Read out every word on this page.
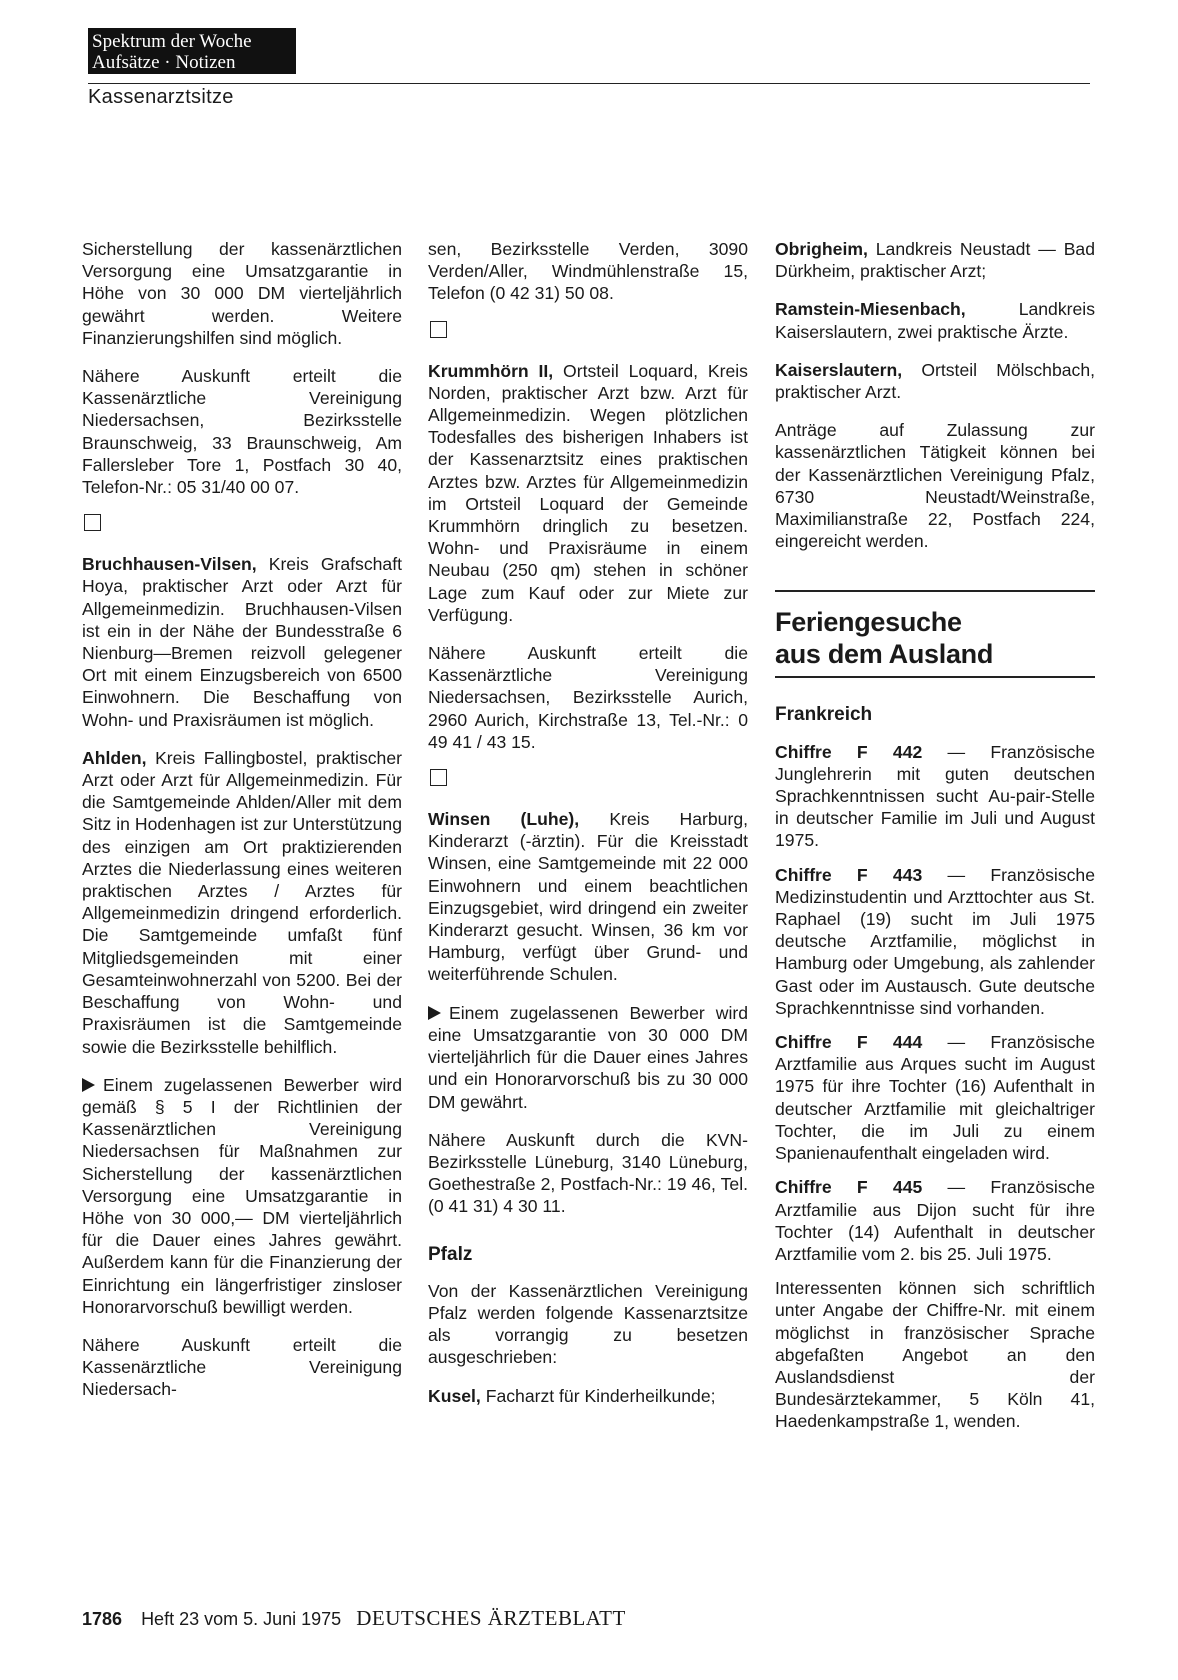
Spektrum der Woche
Aufsätze · Notizen
Kassenarztsitze

Sicherstellung der kassenärztlichen Versorgung eine Umsatzgarantie in Höhe von 30 000 DM vierteljährlich gewährt werden. Weitere Finanzierungshilfen sind möglich.

Nähere Auskunft erteilt die Kassenärztliche Vereinigung Niedersachsen, Bezirksstelle Braunschweig, 33 Braunschweig, Am Fallersleber Tore 1, Postfach 30 40, Telefon-Nr.: 05 31/40 00 07.

Bruchhausen-Vilsen, Kreis Grafschaft Hoya, praktischer Arzt oder Arzt für Allgemeinmedizin. Bruchhausen-Vilsen ist ein in der Nähe der Bundesstraße 6 Nienburg—Bremen reizvoll gelegener Ort mit einem Einzugsbereich von 6500 Einwohnern. Die Beschaffung von Wohn- und Praxisräumen ist möglich.

Ahlden, Kreis Fallingbostel, praktischer Arzt oder Arzt für Allgemeinmedizin. Für die Samtgemeinde Ahlden/Aller mit dem Sitz in Hodenhagen ist zur Unterstützung des einzigen am Ort praktizierenden Arztes die Niederlassung eines weiteren praktischen Arztes / Arztes für Allgemeinmedizin dringend erforderlich. Die Samtgemeinde umfaßt fünf Mitgliedsgemeinden mit einer Gesamteinwohnerzahl von 5200. Bei der Beschaffung von Wohn- und Praxisräumen ist die Samtgemeinde sowie die Bezirksstelle behilflich.

Einem zugelassenen Bewerber wird gemäß § 5 I der Richtlinien der Kassenärztlichen Vereinigung Niedersachsen für Maßnahmen zur Sicherstellung der kassenärztlichen Versorgung eine Umsatzgarantie in Höhe von 30 000,— DM vierteljährlich für die Dauer eines Jahres gewährt. Außerdem kann für die Finanzierung der Einrichtung ein längerfristiger zinsloser Honorarvorschuß bewilligt werden.

Nähere Auskunft erteilt die Kassenärztliche Vereinigung Niedersach-

sen, Bezirksstelle Verden, 3090 Verden/Aller, Windmühlenstraße 15, Telefon (0 42 31) 50 08.

Krummhörn II, Ortsteil Loquard, Kreis Norden, praktischer Arzt bzw. Arzt für Allgemeinmedizin. Wegen plötzlichen Todesfalles des bisherigen Inhabers ist der Kassenarztsitz eines praktischen Arztes bzw. Arztes für Allgemeinmedizin im Ortsteil Loquard der Gemeinde Krummhörn dringlich zu besetzen. Wohn- und Praxisräume in einem Neubau (250 qm) stehen in schöner Lage zum Kauf oder zur Miete zur Verfügung.

Nähere Auskunft erteilt die Kassenärztliche Vereinigung Niedersachsen, Bezirksstelle Aurich, 2960 Aurich, Kirchstraße 13, Tel.-Nr.: 0 49 41 / 43 15.

Winsen (Luhe), Kreis Harburg, Kinderarzt (-ärztin). Für die Kreisstadt Winsen, eine Samtgemeinde mit 22 000 Einwohnern und einem beachtlichen Einzugsgebiet, wird dringend ein zweiter Kinderarzt gesucht. Winsen, 36 km vor Hamburg, verfügt über Grund- und weiterführende Schulen.

Einem zugelassenen Bewerber wird eine Umsatzgarantie von 30 000 DM vierteljährlich für die Dauer eines Jahres und ein Honorarvorschuß bis zu 30 000 DM gewährt.

Nähere Auskunft durch die KVN-Bezirksstelle Lüneburg, 3140 Lüneburg, Goethestraße 2, Postfach-Nr.: 19 46, Tel. (0 41 31) 4 30 11.

Pfalz

Von der Kassenärztlichen Vereinigung Pfalz werden folgende Kassenarztsitze als vorrangig zu besetzen ausgeschrieben:

Kusel, Facharzt für Kinderheilkunde;

Obrigheim, Landkreis Neustadt — Bad Dürkheim, praktischer Arzt;

Ramstein-Miesenbach, Landkreis Kaiserslautern, zwei praktische Ärzte.

Kaiserslautern, Ortsteil Mölschbach, praktischer Arzt.

Anträge auf Zulassung zur kassenärztlichen Tätigkeit können bei der Kassenärztlichen Vereinigung Pfalz, 6730 Neustadt/Weinstraße, Maximilianstraße 22, Postfach 224, eingereicht werden.

Feriengesuche
aus dem Ausland
Frankreich

Chiffre F 442 — Französische Junglehrerin mit guten deutschen Sprachkenntnissen sucht Au-pair-Stelle in deutscher Familie im Juli und August 1975.

Chiffre F 443 — Französische Medizinstudentin und Arzttochter aus St. Raphael (19) sucht im Juli 1975 deutsche Arztfamilie, möglichst in Hamburg oder Umgebung, als zahlender Gast oder im Austausch. Gute deutsche Sprachkenntnisse sind vorhanden.

Chiffre F 444 — Französische Arztfamilie aus Arques sucht im August 1975 für ihre Tochter (16) Aufenthalt in deutscher Arztfamilie mit gleichaltriger Tochter, die im Juli zu einem Spanienaufenthalt eingeladen wird.

Chiffre F 445 — Französische Arztfamilie aus Dijon sucht für ihre Tochter (14) Aufenthalt in deutscher Arztfamilie vom 2. bis 25. Juli 1975.

Interessenten können sich schriftlich unter Angabe der Chiffre-Nr. mit einem möglichst in französischer Sprache abgefaßten Angebot an den Auslandsdienst der Bundesärztekammer, 5 Köln 41, Haedenkampstraße 1, wenden.

1786 Heft 23 vom 5. Juni 1975 DEUTSCHES ÄRZTEBLATT
